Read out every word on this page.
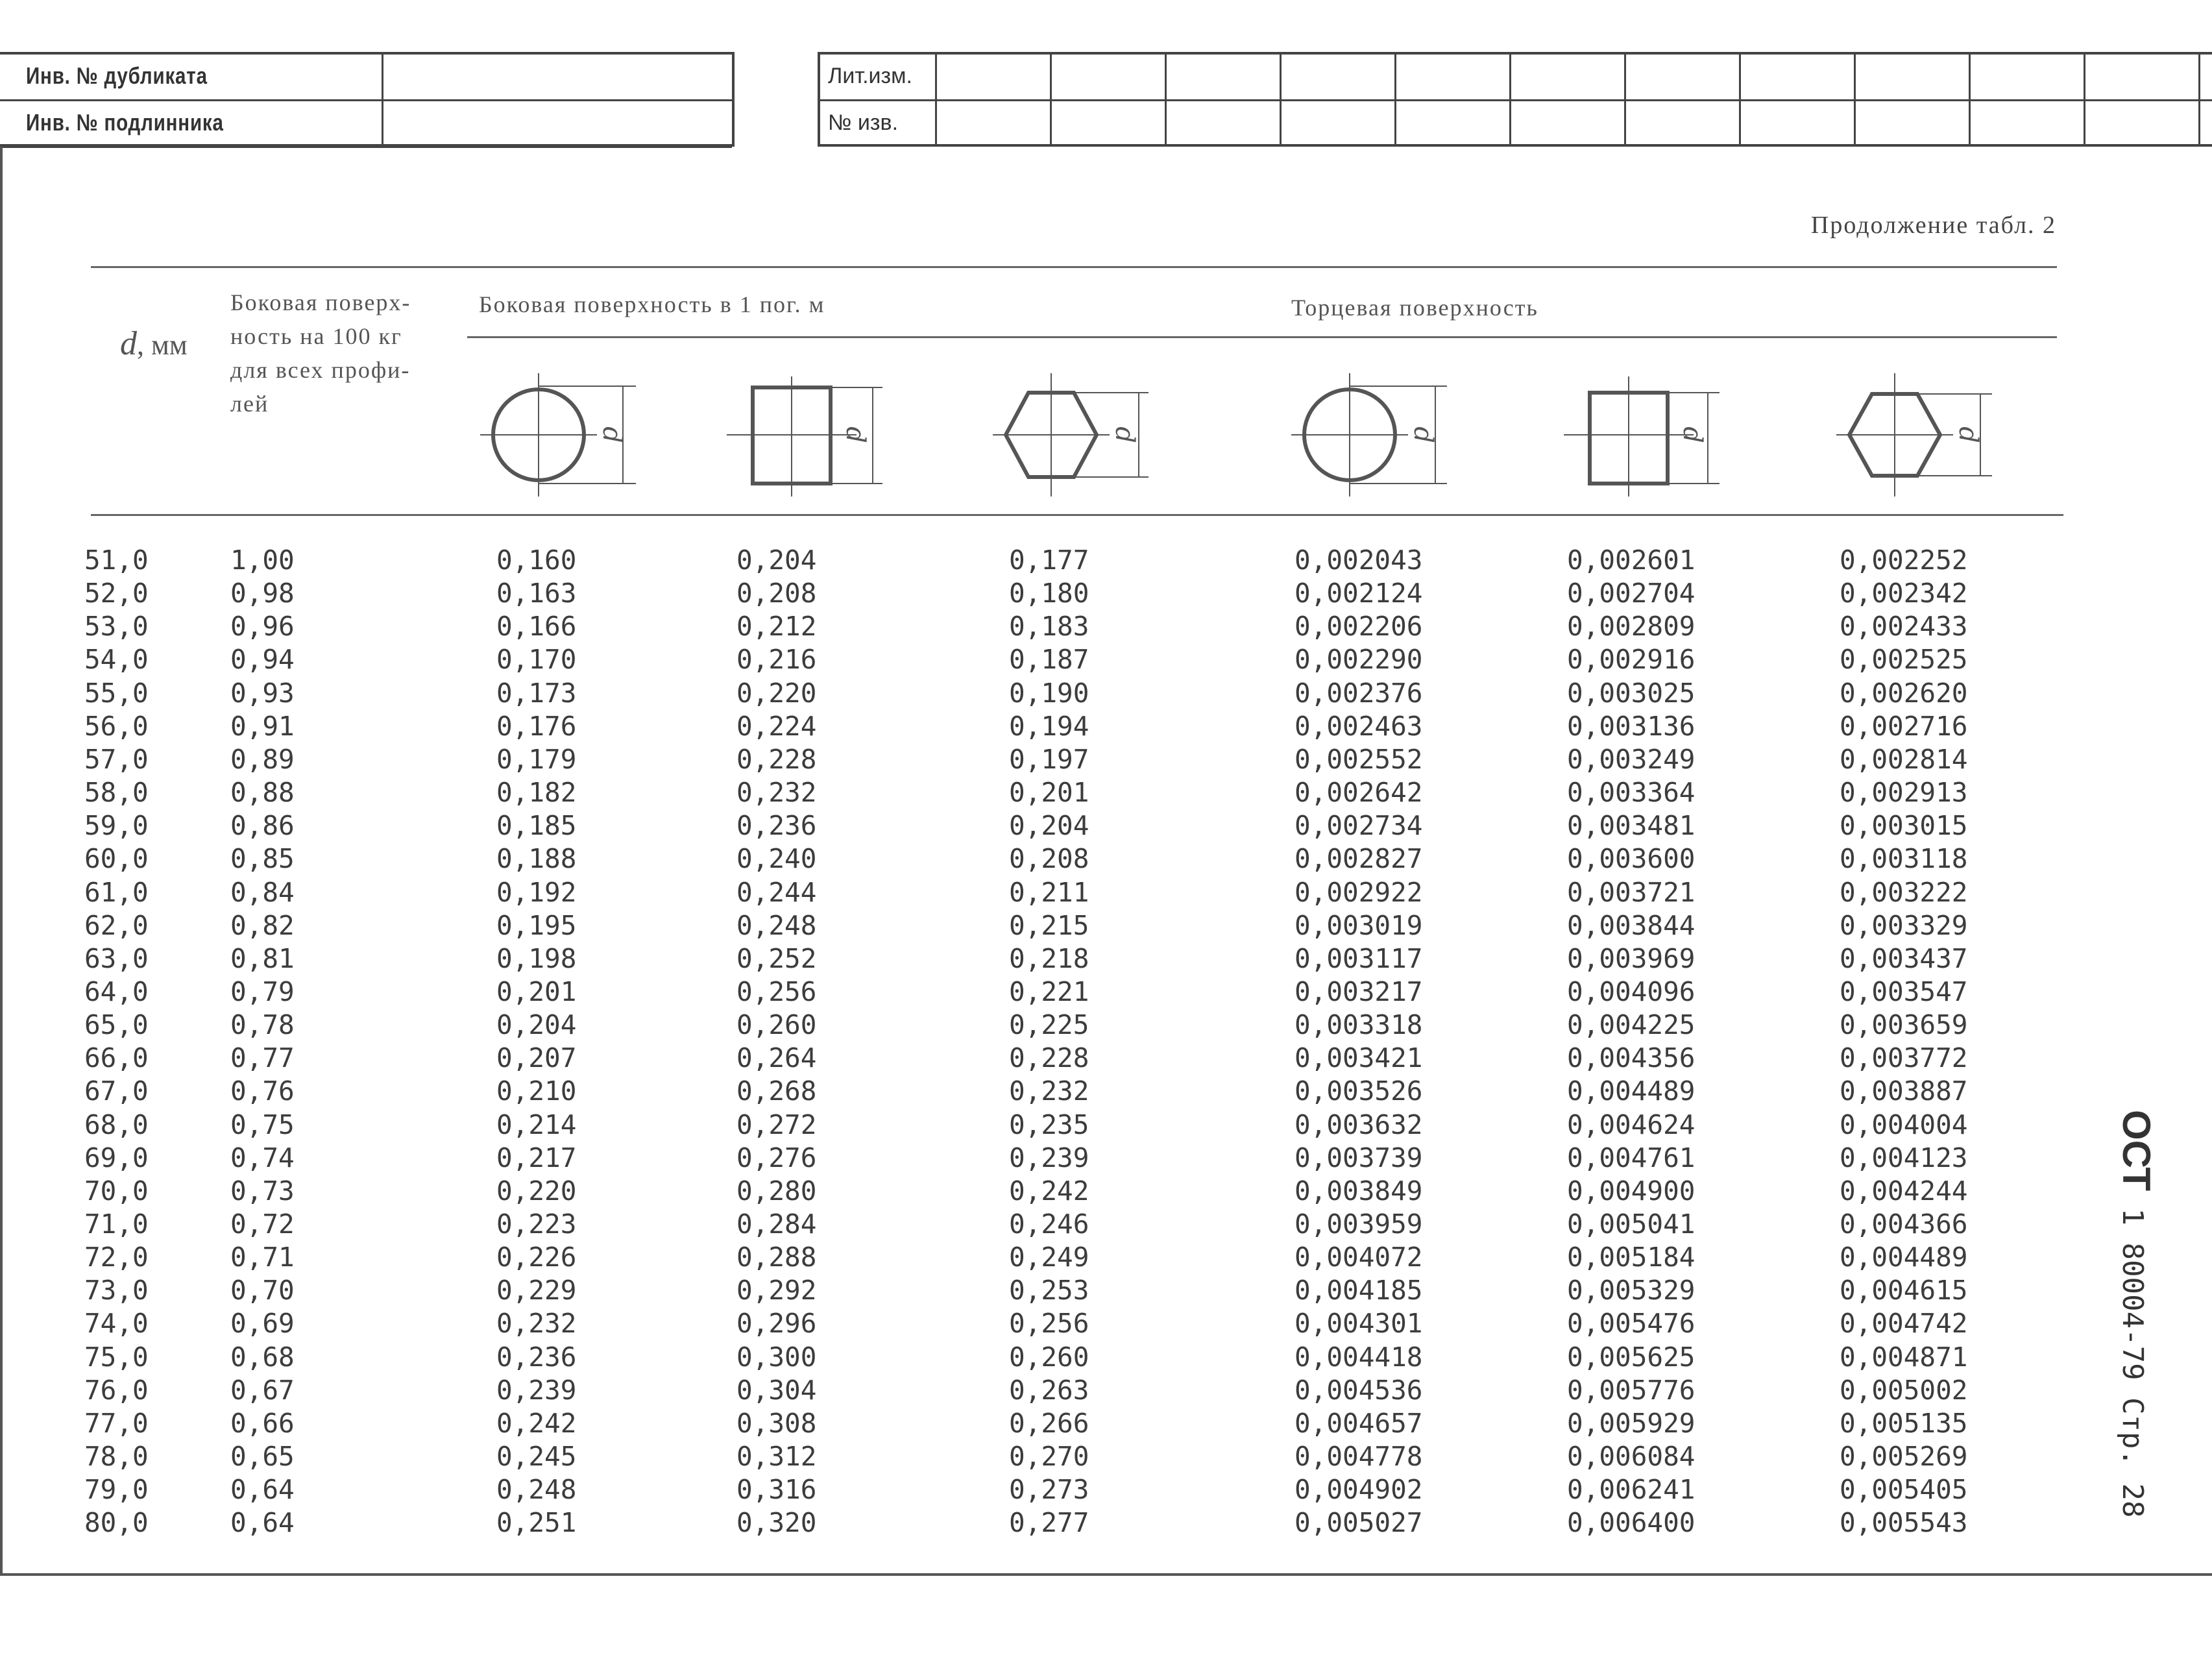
Инв. № дубликата
Инв. № подлинника
Лит.изм.
№ изв.
Продолжение табл. 2
d, мм
Боковая поверх-
ность на 100 кг
для всех профи-
лей
Боковая поверхность в 1 пог. м	Торцевая поверхность
d	d	d	d	d	d
51,0	1,00	0,160	0,204	0,177	0,002043	0,002601	0,002252
52,0	0,98	0,163	0,208	0,180	0,002124	0,002704	0,002342
53,0	0,96	0,166	0,212	0,183	0,002206	0,002809	0,002433
54,0	0,94	0,170	0,216	0,187	0,002290	0,002916	0,002525
55,0	0,93	0,173	0,220	0,190	0,002376	0,003025	0,002620
56,0	0,91	0,176	0,224	0,194	0,002463	0,003136	0,002716
57,0	0,89	0,179	0,228	0,197	0,002552	0,003249	0,002814
58,0	0,88	0,182	0,232	0,201	0,002642	0,003364	0,002913
59,0	0,86	0,185	0,236	0,204	0,002734	0,003481	0,003015
60,0	0,85	0,188	0,240	0,208	0,002827	0,003600	0,003118
61,0	0,84	0,192	0,244	0,211	0,002922	0,003721	0,003222
62,0	0,82	0,195	0,248	0,215	0,003019	0,003844	0,003329
63,0	0,81	0,198	0,252	0,218	0,003117	0,003969	0,003437
64,0	0,79	0,201	0,256	0,221	0,003217	0,004096	0,003547
65,0	0,78	0,204	0,260	0,225	0,003318	0,004225	0,003659
66,0	0,77	0,207	0,264	0,228	0,003421	0,004356	0,003772
67,0	0,76	0,210	0,268	0,232	0,003526	0,004489	0,003887
68,0	0,75	0,214	0,272	0,235	0,003632	0,004624	0,004004
69,0	0,74	0,217	0,276	0,239	0,003739	0,004761	0,004123
70,0	0,73	0,220	0,280	0,242	0,003849	0,004900	0,004244
71,0	0,72	0,223	0,284	0,246	0,003959	0,005041	0,004366
72,0	0,71	0,226	0,288	0,249	0,004072	0,005184	0,004489
73,0	0,70	0,229	0,292	0,253	0,004185	0,005329	0,004615
74,0	0,69	0,232	0,296	0,256	0,004301	0,005476	0,004742
75,0	0,68	0,236	0,300	0,260	0,004418	0,005625	0,004871
76,0	0,67	0,239	0,304	0,263	0,004536	0,005776	0,005002
77,0	0,66	0,242	0,308	0,266	0,004657	0,005929	0,005135
78,0	0,65	0,245	0,312	0,270	0,004778	0,006084	0,005269
79,0	0,64	0,248	0,316	0,273	0,004902	0,006241	0,005405
80,0	0,64	0,251	0,320	0,277	0,005027	0,006400	0,005543
ОСТ 1 80004-79 Стр. 28
